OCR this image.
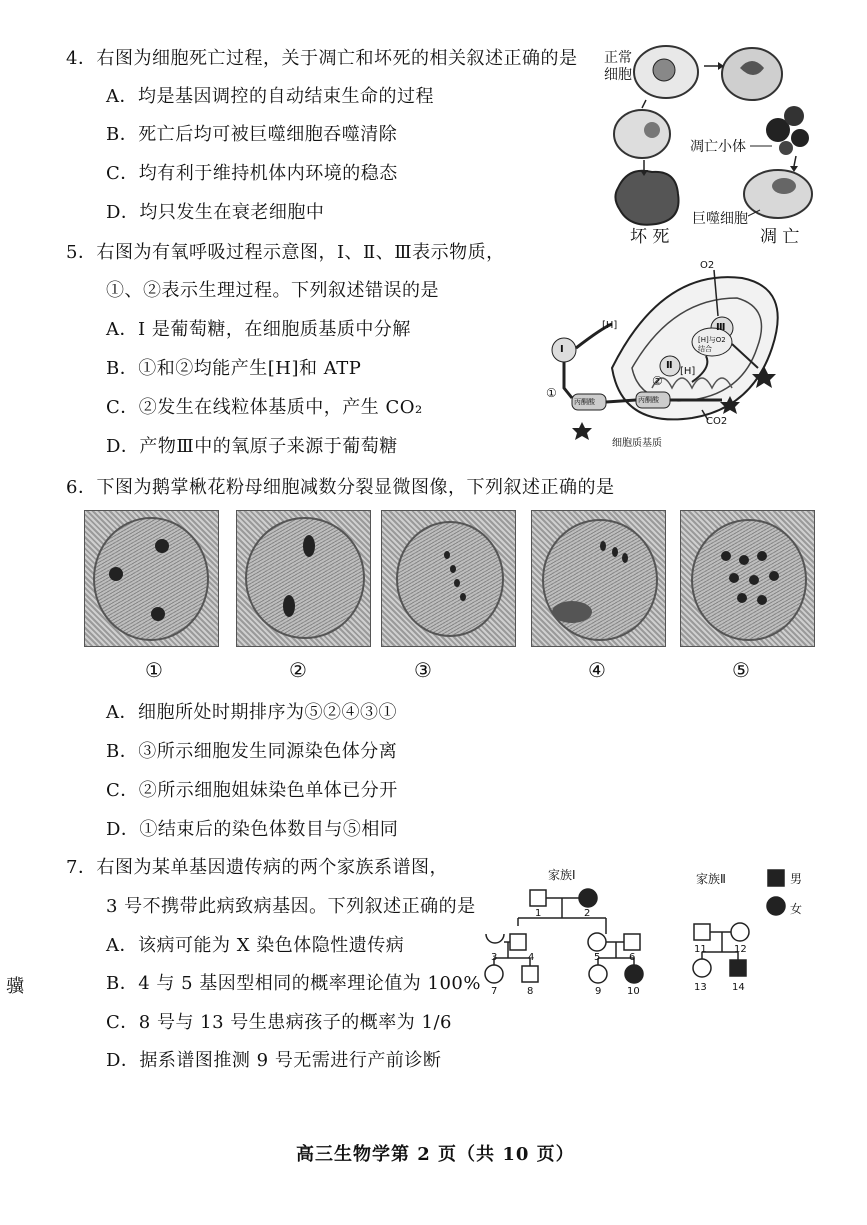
4．右图为细胞死亡过程，关于凋亡和坏死的相关叙述正确的是
A．均是基因调控的自动结束生命的过程
B．死亡后均可被巨噬细胞吞噬清除
C．均有利于维持机体内环境的稳态
D．均只发生在衰老细胞中
正常细胞
凋亡小体
巨噬细胞
坏 死	凋 亡
5．右图为有氧呼吸过程示意图，Ⅰ、Ⅱ、Ⅲ表示物质，
①、②表示生理过程。下列叙述错误的是
A．Ⅰ 是葡萄糖，在细胞质基质中分解
B．①和②均能产生[H]和 ATP
C．②发生在线粒体基质中，产生 CO₂
D．产物Ⅲ中的氧原子来源于葡萄糖
O2
[H]
Ⅰ
Ⅲ
Ⅱ
[H]与O2结合
[H]
①
②
丙酮酸	丙酮酸
CO2
细胞质基质
6．下图为鹅掌楸花粉母细胞减数分裂显微图像，下列叙述正确的是
①	②	③	④	⑤
A．细胞所处时期排序为⑤②④③①
B．③所示细胞发生同源染色体分离
C．②所示细胞姐妹染色单体已分开
D．①结束后的染色体数目与⑤相同
7．右图为某单基因遗传病的两个家族系谱图，
3 号不携带此病致病基因。下列叙述正确的是
A．该病可能为 X 染色体隐性遗传病
B．4 与 5 基因型相同的概率理论值为 100%
C．8 号与 13 号生患病孩子的概率为 1/6
D．据系谱图推测 9 号无需进行产前诊断
骥
家族Ⅰ	家族Ⅱ	男
女
1	2
3	4	5	6
7	8	9	10
11	12
13	14
高三生物学第 2 页（共 10 页）
